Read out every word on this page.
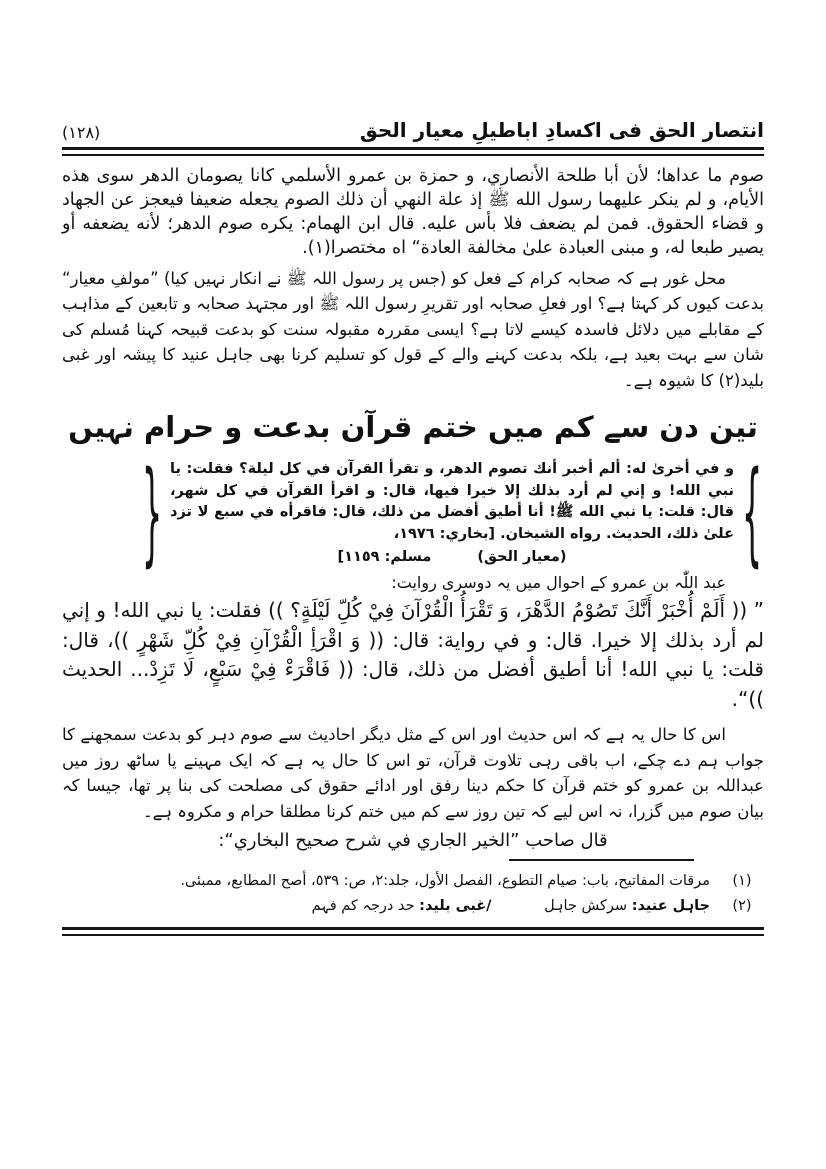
انتصار الحق فی اکسادِ اباطیلِ معیار الحق
(١٢٨)

صوم ما عداها؛ لأن أبا طلحة الأنصاري، و حمزة بن عمرو الأسلمي كانا يصومان الدهر سوى هذه الأيام، و لم ينكر عليهما رسول الله ﷺ إذ علة النهي أن ذلك الصوم يجعله ضعيفا فيعجز عن الجهاد و قضاء الحقوق. فمن لم يضعف فلا بأس عليه. قال ابن الهمام: يكره صوم الدهر؛ لأنه يضعفه أو يصير طبعا له، و مبنى العبادة علىٰ مخالفة العادة“ اه مختصرا(١).

محل غور ہے کہ صحابہ کرام کے فعل کو (جس پر رسول اللہ ﷺ نے انکار نہیں کیا) ”مولفِ معیار“ بدعت کیوں کر کہتا ہے؟ اور فعلِ صحابہ اور تقریرِ رسول اللہ ﷺ اور مجتہد صحابہ و تابعین کے مذاہب کے مقابلے میں دلائل فاسدہ کیسے لاتا ہے؟ ایسی مقررہ مقبولہ سنت کو بدعت قبیحہ کہنا مُسلم کی شان سے بہت بعید ہے، بلکہ بدعت کہنے والے کے قول کو تسلیم کرنا بھی جاہل عنید کا پیشہ اور غبی بلید(٢) کا شیوہ ہے۔

تین دن سے کم میں ختم قرآن بدعت و حرام نہیں
{
و في أخریٰ له: ألم أخبر أنك تصوم الدهر، و تقرأ القرآن في كل ليلة؟ فقلت: يا نبي الله! و إني لم أرد بذلك إلا خيرا فيها، قال: و اقرأ القرآن في كل شهر، قال: قلت: يا نبي الله ﷺ! أنا أطيق أفضل من ذلك، قال: فاقرأه في سبع لا تزد علىٰ ذلك، الحديث. رواه الشيخان. [بخاري: ١٩٧٦،
(معیار الحق)
مسلم: ١١٥٩]
}

عبد اللّٰہ بن عمرو کے احوال میں یہ دوسری روایت:

” (( أَلَمْ أُخْبَرْ أَنَّكَ تَصُوْمُ الدَّهْرَ، وَ تَقْرَأُ الْقُرْآنَ فِيْ كُلِّ لَيْلَةٍ؟ )) فقلت: يا نبي الله! و إني لم أرد بذلك إلا خيرا. قال: و في رواية: قال: (( وَ اقْرَأِ الْقُرْآنِ فِيْ كُلِّ شَهْرٍ ))، قال: قلت: يا نبي الله! أنا أطيق أفضل من ذلك، قال: (( فَاقْرَءْ فِيْ سَبْعٍ، لَا تَزِدْ... الحديث ))“.

اس کا حال یہ ہے کہ اس حدیث اور اس کے مثل دیگر احادیث سے صوم دہر کو بدعت سمجھنے کا جواب ہم دے چکے، اب باقی رہی تلاوت قرآن، تو اس کا حال یہ ہے کہ ایک مہینے یا ساٹھ روز میں عبداللہ بن عمرو کو ختم قرآن کا حکم دینا رفق اور ادائے حقوق کی مصلحت کی بنا پر تھا، جیسا کہ بیان صوم میں گزرا، نہ اس لیے کہ تین روز سے کم میں ختم کرنا مطلقا حرام و مکروہ ہے۔

قال صاحب ”الخیر الجاري في شرح صحیح البخاري“:

(١)
مرقات المفاتیح، باب: صیام التطوع، الفصل الأول، جلد:٢، ص: ٥٣٩، أصح المطابع، ممبئی.
(٢)
جاہل عنید: سرکش جاہل /غبی بلید: حد درجہ کم فہم
